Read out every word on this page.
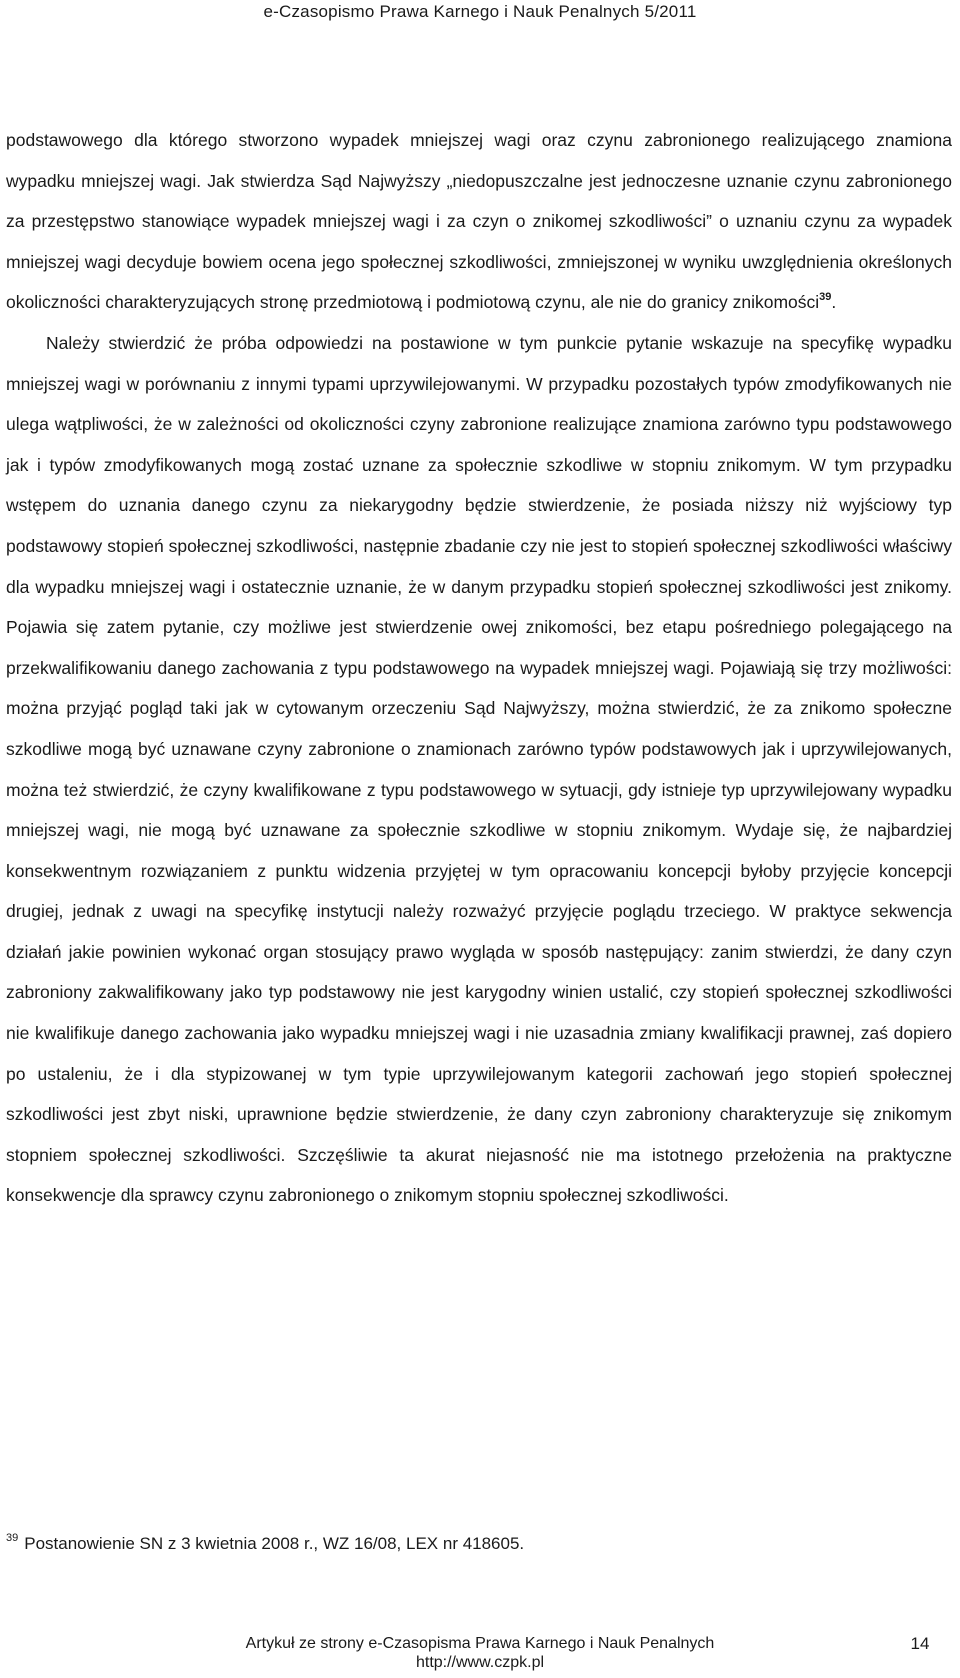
e-Czasopismo Prawa Karnego i Nauk Penalnych 5/2011

podstawowego dla którego stworzono wypadek mniejszej wagi oraz czynu zabronionego realizującego znamiona wypadku mniejszej wagi. Jak stwierdza Sąd Najwyższy „niedopuszczalne jest jednoczesne uznanie czynu zabronionego za przestępstwo stanowiące wypadek mniejszej wagi i za czyn o znikomej szkodliwości” o uznaniu czynu za wypadek mniejszej wagi decyduje bowiem ocena jego społecznej szkodliwości, zmniejszonej w wyniku uwzględnienia określonych okoliczności charakteryzujących stronę przedmiotową i podmiotową czynu, ale nie do granicy znikomości$^{39}$.

Należy stwierdzić że próba odpowiedzi na postawione w tym punkcie pytanie wskazuje na specyfikę wypadku mniejszej wagi w porównaniu z innymi typami uprzywilejowanymi. W przypadku pozostałych typów zmodyfikowanych nie ulega wątpliwości, że w zależności od okoliczności czyny zabronione realizujące znamiona zarówno typu podstawowego jak i typów zmodyfikowanych mogą zostać uznane za społecznie szkodliwe w stopniu znikomym. W tym przypadku wstępem do uznania danego czynu za niekarygodny będzie stwierdzenie, że posiada niższy niż wyjściowy typ podstawowy stopień społecznej szkodliwości, następnie zbadanie czy nie jest to stopień społecznej szkodliwości właściwy dla wypadku mniejszej wagi i ostatecznie uznanie, że w danym przypadku stopień społecznej szkodliwości jest znikomy. Pojawia się zatem pytanie, czy możliwe jest stwierdzenie owej znikomości, bez etapu pośredniego polegającego na przekwalifikowaniu danego zachowania z typu podstawowego na wypadek mniejszej wagi. Pojawiają się trzy możliwości: można przyjąć pogląd taki jak w cytowanym orzeczeniu Sąd Najwyższy, można stwierdzić, że za znikomo społeczne szkodliwe mogą być uznawane czyny zabronione o znamionach zarówno typów podstawowych jak i uprzywilejowanych, można też stwierdzić, że czyny kwalifikowane z typu podstawowego w sytuacji, gdy istnieje typ uprzywilejowany wypadku mniejszej wagi, nie mogą być uznawane za społecznie szkodliwe w stopniu znikomym. Wydaje się, że najbardziej konsekwentnym rozwiązaniem z punktu widzenia przyjętej w tym opracowaniu koncepcji byłoby przyjęcie koncepcji drugiej, jednak z uwagi na specyfikę instytucji należy rozważyć przyjęcie poglądu trzeciego. W praktyce sekwencja działań jakie powinien wykonać organ stosujący prawo wygląda w sposób następujący: zanim stwierdzi, że dany czyn zabroniony zakwalifikowany jako typ podstawowy nie jest karygodny winien ustalić, czy stopień społecznej szkodliwości nie kwalifikuje danego zachowania jako wypadku mniejszej wagi i nie uzasadnia zmiany kwalifikacji prawnej, zaś dopiero po ustaleniu, że i dla stypizowanej w tym typie uprzywilejowanym kategorii zachowań jego stopień społecznej szkodliwości jest zbyt niski, uprawnione będzie stwierdzenie, że dany czyn zabroniony charakteryzuje się znikomym stopniem społecznej szkodliwości. Szczęśliwie ta akurat niejasność nie ma istotnego przełożenia na praktyczne konsekwencje dla sprawcy czynu zabronionego o znikomym stopniu społecznej szkodliwości.

$^{39}$ Postanowienie SN z 3 kwietnia 2008 r., WZ 16/08, LEX nr 418605.
Artykuł ze strony e-Czasopisma Prawa Karnego i Nauk Penalnych
http://www.czpk.pl
14
